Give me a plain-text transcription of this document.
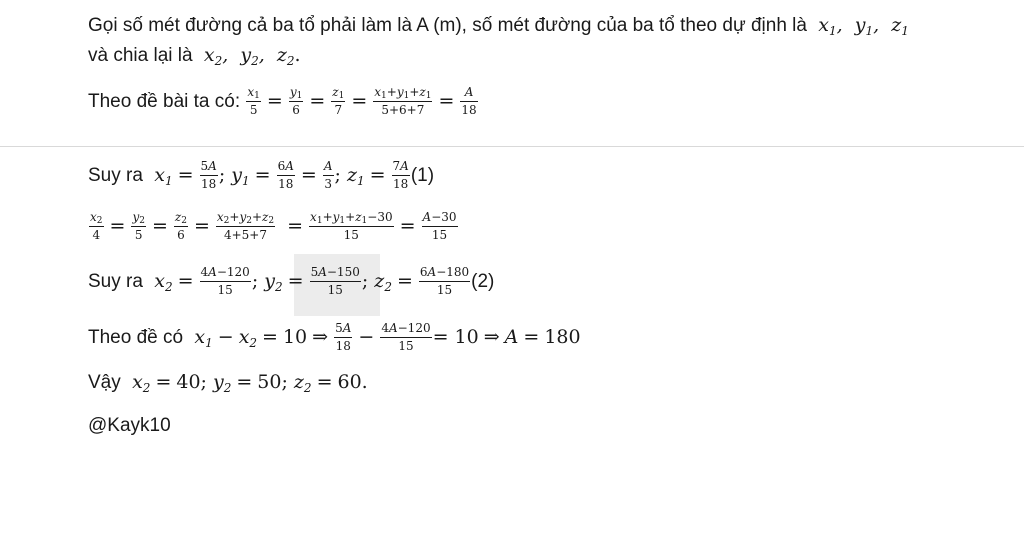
Gọi số mét đường cả ba tổ phải làm là A (m), số mét đường của ba tổ theo dự định là  $x_1$,  $y_1$,  $z_1$
và chia lại là  $x_2$,  $y_2$,  $z_2$.
Theo đề bài ta có: $\frac{x_1}{5} = \frac{y_1}{6} = \frac{z_1}{7} = \frac{x_1+y_1+z_1}{5+6+7} = \frac{A}{18}$
Suy ra  $x_1 = \frac{5A}{18}$ ; $y_1 = \frac{6A}{18} = \frac{A}{3}$ ; $z_1 = \frac{7A}{18} (1)$
$\frac{x_2}{4} = \frac{y_2}{5} = \frac{z_2}{6} = \frac{x_2+y_2+z_2}{4+5+7} = \frac{x_1+y_1+z_1-30}{15} = \frac{A-30}{15}$
Suy ra  $x_2 = \frac{4A-120}{15}$ ; $y_2 = \frac{5A-150}{15}$ ; $z_2 = \frac{6A-180}{15} (2)$
Theo đề có  $x_1 - x_2 = 10$ ⇒ $\frac{5A}{18} - \frac{4A-120}{15} = 10$ ⇒ A = 180
Vậy  $x_2 = 40$; $y_2 = 50$; $z_2 = 60$.
@Kayk10
